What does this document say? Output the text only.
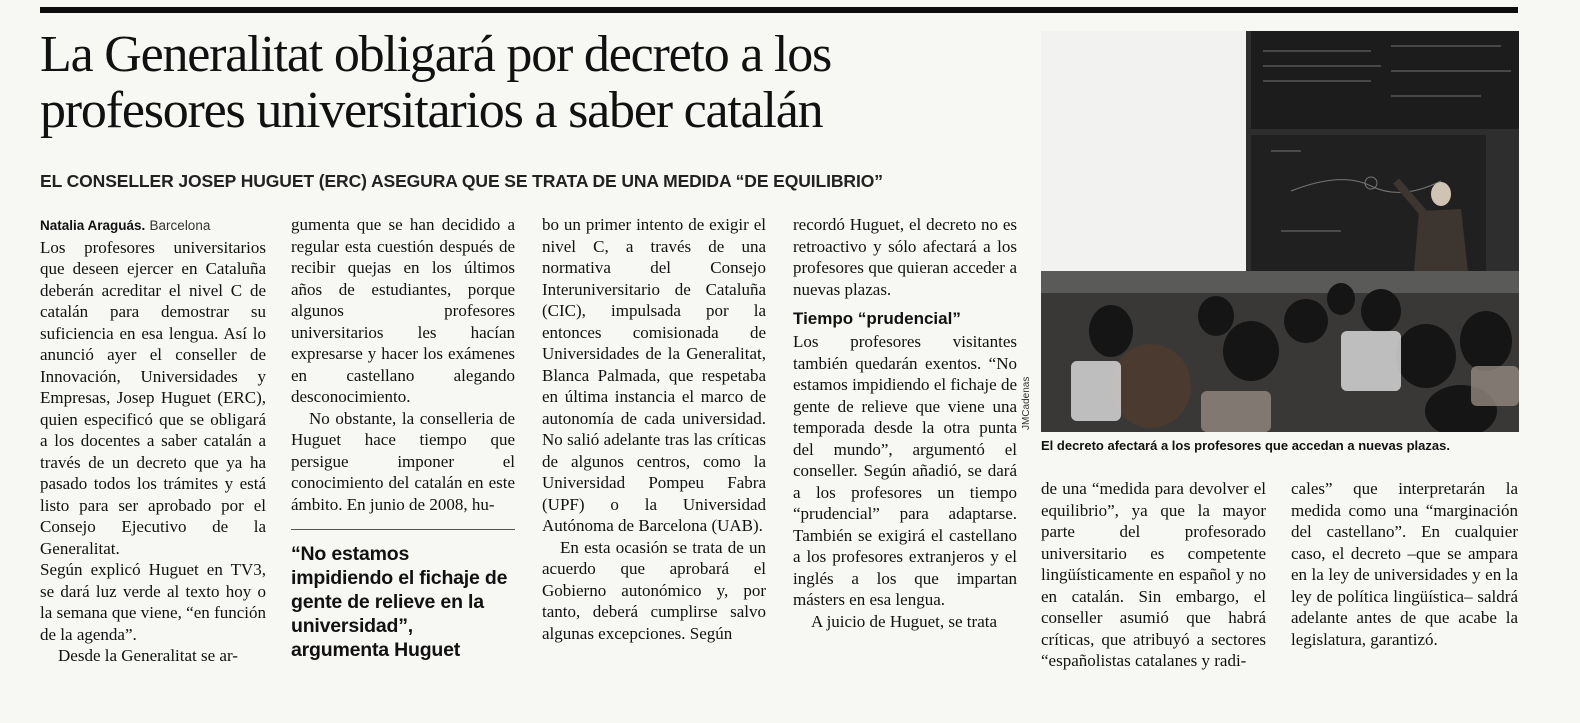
La Generalitat obligará por decreto a los profesores universitarios a saber catalán
EL CONSELLER JOSEP HUGUET (ERC) ASEGURA QUE SE TRATA DE UNA MEDIDA “DE EQUILIBRIO”

Natalia Araguás. Barcelona

Los profesores universitarios que deseen ejercer en Cataluña deberán acreditar el nivel C de catalán para demostrar su suficiencia en esa lengua. Así lo anunció ayer el conseller de Innovación, Universidades y Empresas, Josep Huguet (ERC), quien especificó que se obligará a los docentes a saber catalán a través de un decreto que ya ha pasado todos los trámites y está listo para ser aprobado por el Consejo Ejecutivo de la Generalitat.

Según explicó Huguet en TV3, se dará luz verde al texto hoy o la semana que viene, “en función de la agenda”.

Desde la Generalitat se ar-

gumenta que se han decidido a regular esta cuestión después de recibir quejas en los últimos años de estudiantes, porque algunos profesores universitarios les hacían expresarse y hacer los exámenes en castellano alegando desconocimiento.

No obstante, la conselleria de Huguet hace tiempo que persigue imponer el conocimiento del catalán en este ámbito. En junio de 2008, hu-

“No estamos impidiendo el fichaje de gente de relieve en la universidad”, argumenta Huguet

bo un primer intento de exigir el nivel C, a través de una normativa del Consejo Interuniversitario de Cataluña (CIC), impulsada por la entonces comisionada de Universidades de la Generalitat, Blanca Palmada, que respetaba en última instancia el marco de autonomía de cada universidad. No salió adelante tras las críticas de algunos centros, como la Universidad Pompeu Fabra (UPF) o la Universidad Autónoma de Barcelona (UAB).

En esta ocasión se trata de un acuerdo que aprobará el Gobierno autonómico y, por tanto, deberá cumplirse salvo algunas excepciones. Según

recordó Huguet, el decreto no es retroactivo y sólo afectará a los profesores que quieran acceder a nuevas plazas.

Tiempo “prudencial”

Los profesores visitantes también quedarán exentos. “No estamos impidiendo el fichaje de gente de relieve que viene una temporada desde la otra punta del mundo”, argumentó el conseller. Según añadió, se dará a los profesores un tiempo “prudencial” para adaptarse. También se exigirá el castellano a los profesores extranjeros y el inglés a los que impartan másters en esa lengua.

A juicio de Huguet, se trata

de una “medida para devolver el equilibrio”, ya que la mayor parte del profesorado universitario es competente lingüísticamente en español y no en catalán. Sin embargo, el conseller asumió que habrá críticas, que atribuyó a sectores “españolistas catalanes y radi-

cales” que interpretarán la medida como una “marginación del castellano”. En cualquier caso, el decreto –que se ampara en la ley de universidades y en la ley de política lingüística– saldrá adelante antes de que acabe la legislatura, garantizó.

JMCadenas
El decreto afectará a los profesores que accedan a nuevas plazas.
